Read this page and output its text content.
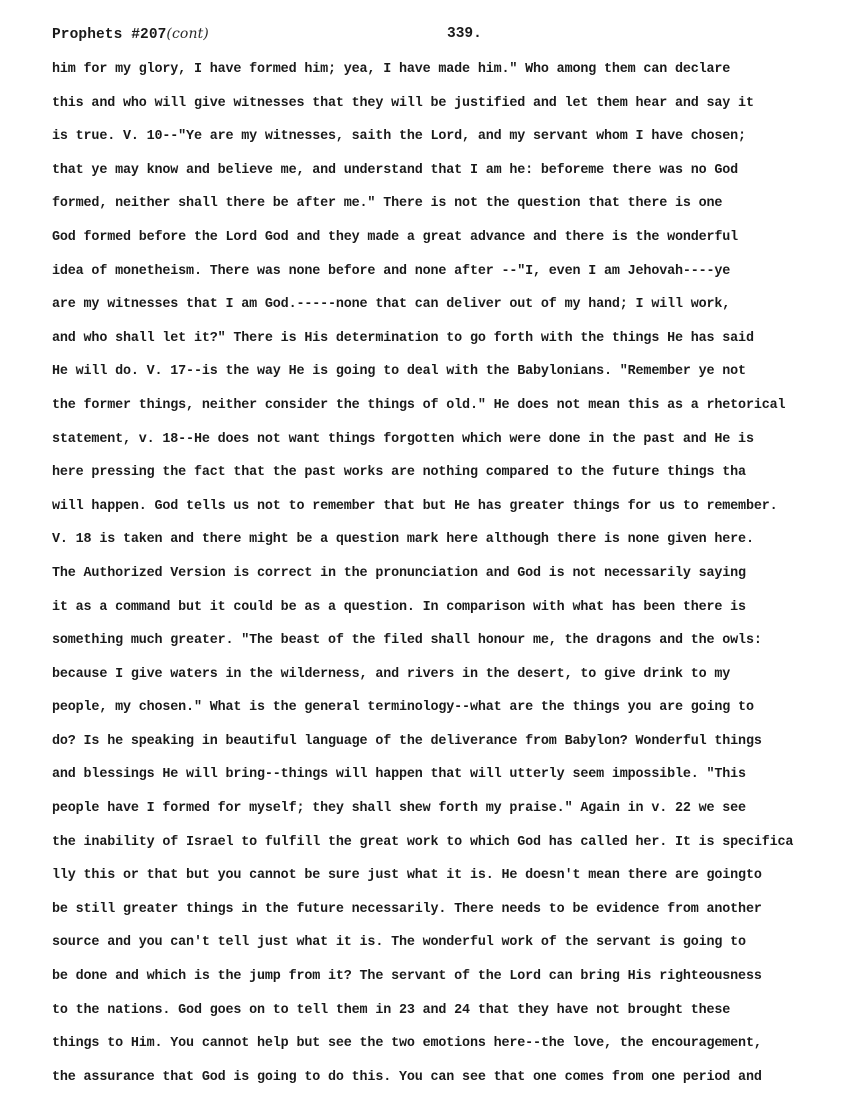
Prophets #207(cont)	339.
him for my glory, I have formed him; yea, I have made him." Who among them can declare
this and who will give witnesses that they will be justified and let them hear and say it
is true. V. 10--"Ye are my witnesses, saith the Lord, and my servant whom I have chosen;
that ye may know and believe me, and understand that I am he: beforeme there was no God
formed, neither shall there be after me." There is not the question that there is one
God formed before the Lord God and they made a great advance and there is the wonderful
idea of monetheism. There was none before and none after --"I, even I am Jehovah----ye
are my witnesses that I am God.-----none that can deliver out of my hand; I will work,
and who shall let it?" There is His determination to go forth with the things He has said
He will do. V. 17--is the way He is going to deal with the Babylonians. "Remember ye not
the former things, neither consider the things of old." He does not mean this as a rhetorical
statement, v. 18--He does not want things forgotten which were done in the past and He is
here pressing the fact that the past works are nothing compared to the future things tha
will happen. God tells us not to remember that but He has greater things for us to remember.
V. 18 is taken and there might be a question mark here although there is none given here.
The Authorized Version is correct in the pronunciation and God is not necessarily saying
it as a command but it could be as a question. In comparison with what has been there is
something much greater. "The beast of the filed shall honour me, the dragons and the owls:
because I give waters in the wilderness, and rivers in the desert, to give drink to my
people, my chosen." What is the general terminology--what are the things you are going to
do? Is he speaking in beautiful language of the deliverance from Babylon? Wonderful things
and blessings He will bring--things will happen that will utterly seem impossible. "This
people have I formed for myself; they shall shew forth my praise." Again in v. 22 we see
the inability of Israel to fulfill the great work to which God has called her. It is specifica
lly this or that but you cannot be sure just what it is. He doesn't mean there are goingto
be still greater things in the future necessarily. There needs to be evidence from another
source and you can't tell just what it is. The wonderful work of the servant is going to
be done and which is the jump from it? The servant of the Lord can bring His righteousness
to the nations. God goes on to tell them in 23 and 24 that they have not brought these
things to Him. You cannot help but see the two emotions here--the love, the encouragement,
the assurance that God is going to do this. You can see that one comes from one period and
